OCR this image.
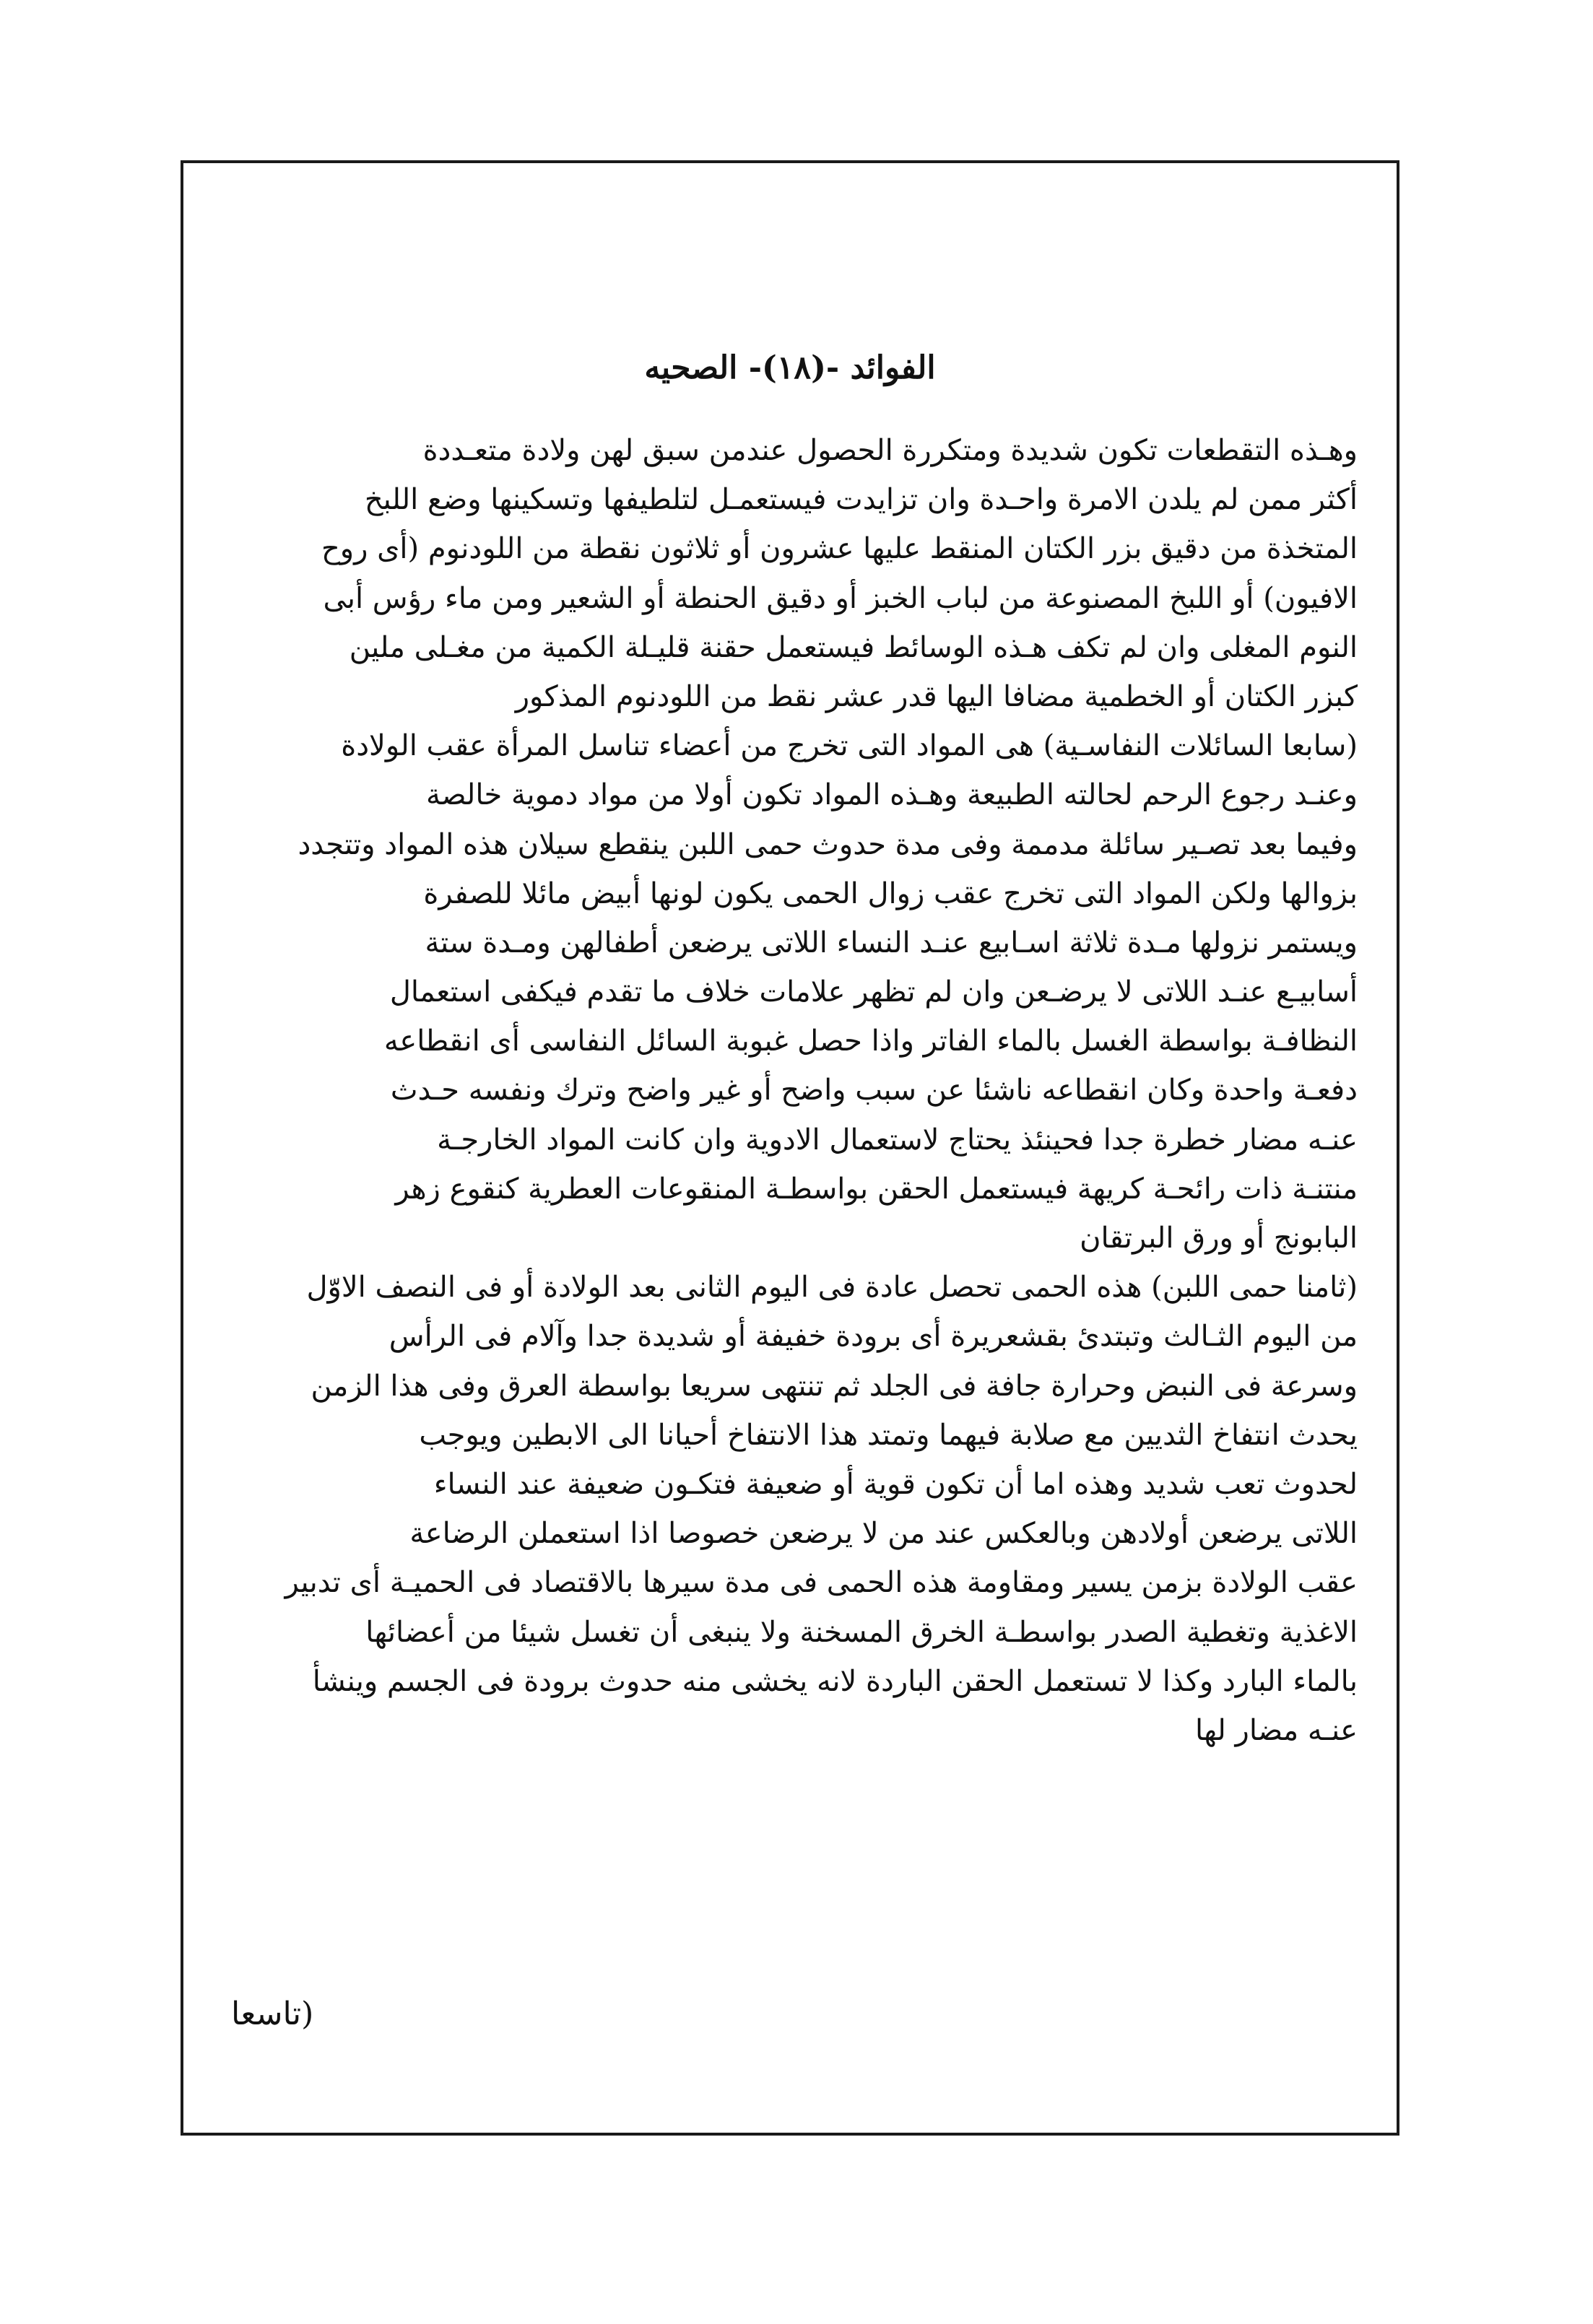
الفوائد -(١٨)- الصحيه
وهـذه التقطعات تكون شديدة ومتكررة الحصول عندمن سبق لهن ولادة متعـددة
أكثر ممن لم يلدن الامرة واحـدة وان تزايدت فيستعمـل لتلطيفها وتسكينها وضع اللبخ
المتخذة من دقيق بزر الكتان المنقط عليها عشرون أو ثلاثون نقطة من اللودنوم (أى روح
الافيون) أو اللبخ المصنوعة من لباب الخبز أو دقيق الحنطة أو الشعير ومن ماء رؤس أبى
النوم المغلى وان لم تكف هـذه الوسائط فيستعمل حقنة قليـلة الكمية من مغـلى ملين
كبزر الكتان أو الخطمية مضافا اليها قدر عشر نقط من اللودنوم المذكور
(سابعا السائلات النفاسـية) هى المواد التى تخرج من أعضاء تناسل المرأة عقب الولادة
وعنـد رجوع الرحم لحالته الطبيعة وهـذه المواد تكون أولا من مواد دموية خالصة
وفيما بعد تصـير سائلة مدممة وفى مدة حدوث حمى اللبن ينقطع سيلان هذه المواد وتتجدد
بزوالها ولكن المواد التى تخرج عقب زوال الحمى يكون لونها أبيض مائلا للصفرة
ويستمر نزولها مـدة ثلاثة اسـابيع عنـد النساء اللاتى يرضعن أطفالهن ومـدة ستة
أسابيـع عنـد اللاتى لا يرضـعن وان لم تظهر علامات خلاف ما تقدم فيكفى استعمال
النظافـة بواسطة الغسل بالماء الفاتر واذا حصل غبوبة السائل النفاسى أى انقطاعه
دفعـة واحدة وكان انقطاعه ناشئا عن سبب واضح أو غير واضح وترك ونفسه حـدث
عنـه مضار خطرة جدا فحينئذ يحتاج لاستعمال الادوية وان كانت المواد الخارجـة
منتنـة ذات رائحـة كريهة فيستعمل الحقن بواسطـة المنقوعات العطرية كنقوع زهر
البابونج أو ورق البرتقان
(ثامنا حمى اللبن) هذه الحمى تحصل عادة فى اليوم الثانى بعد الولادة أو فى النصف الاوّل
من اليوم الثـالث وتبتدئ بقشعريرة أى برودة خفيفة أو شديدة جدا وآلام فى الرأس
وسرعة فى النبض وحرارة جافة فى الجلد ثم تنتهى سريعا بواسطة العرق وفى هذا الزمن
يحدث انتفاخ الثديين مع صلابة فيهما وتمتد هذا الانتفاخ أحيانا الى الابطين ويوجب
لحدوث تعب شديد وهذه اما أن تكون قوية أو ضعيفة فتكـون ضعيفة عند النساء
اللاتى يرضعن أولادهن وبالعكس عند من لا يرضعن خصوصا اذا استعملن الرضاعة
عقب الولادة بزمن يسير ومقاومة هذه الحمى فى مدة سيرها بالاقتصاد فى الحميـة أى تدبير
الاغذية وتغطية الصدر بواسطـة الخرق المسخنة ولا ينبغى أن تغسل شيئا من أعضائها
بالماء البارد وكذا لا تستعمل الحقن الباردة لانه يخشى منه حدوث برودة فى الجسم وينشأ
عنـه مضار لها
(تاسعا
